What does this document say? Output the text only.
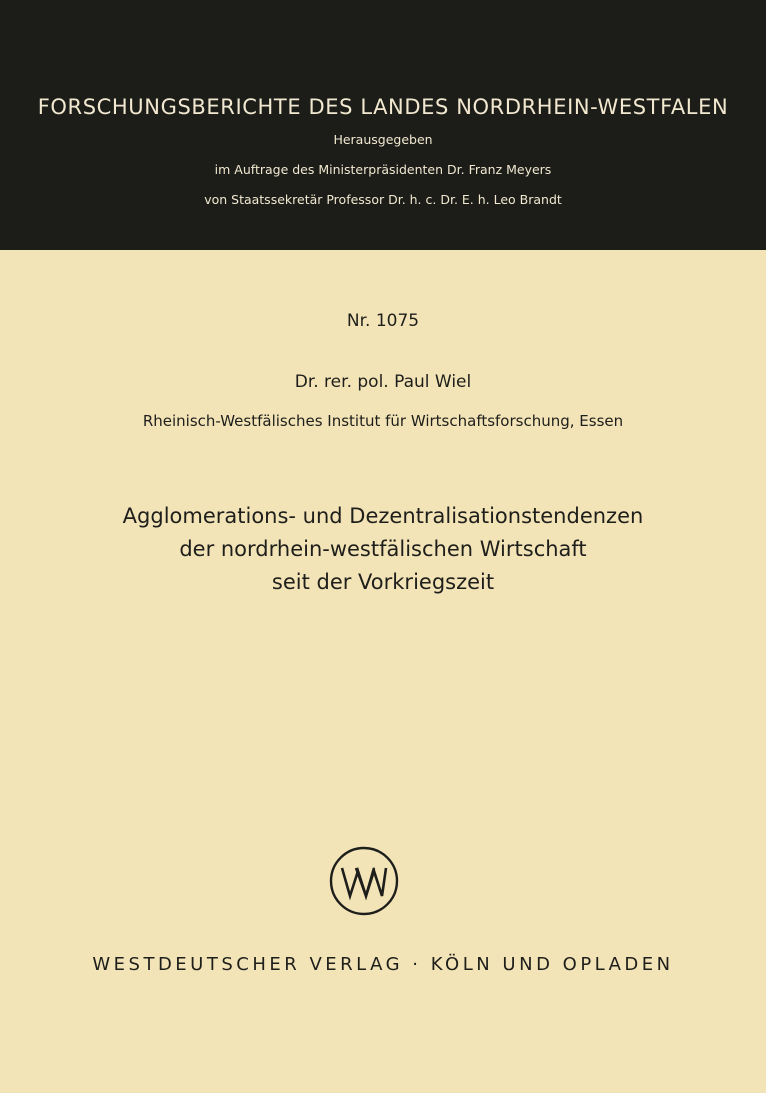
FORSCHUNGSBERICHTE DES LANDES NORDRHEIN-WESTFALEN
Herausgegeben
im Auftrage des Ministerpräsidenten Dr. Franz Meyers
von Staatssekretär Professor Dr. h. c. Dr. E. h. Leo Brandt
Nr. 1075
Dr. rer. pol. Paul Wiel
Rheinisch-Westfälisches Institut für Wirtschaftsforschung, Essen
Agglomerations- und Dezentralisationstendenzen
der nordrhein-westfälischen Wirtschaft
seit der Vorkriegszeit
WESTDEUTSCHER VERLAG · KÖLN UND OPLADEN
